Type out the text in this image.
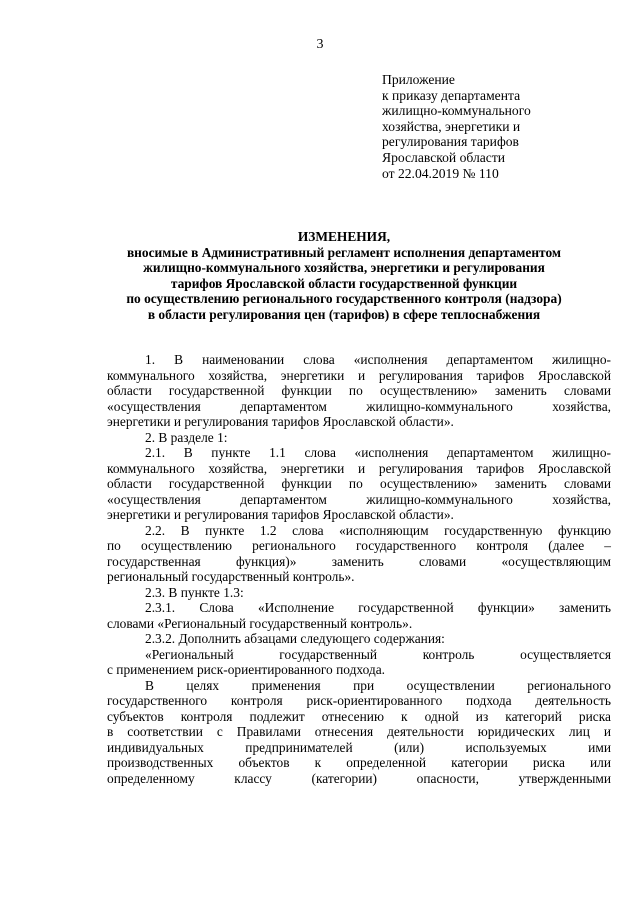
3
Приложение
к приказу департамента
жилищно-коммунального
хозяйства, энергетики и
регулирования тарифов
Ярославской области
от 22.04.2019 № 110
ИЗМЕНЕНИЯ,
вносимые в Административный регламент исполнения департаментом
жилищно-коммунального хозяйства, энергетики и регулирования
тарифов Ярославской области государственной функции
по осуществлению регионального государственного контроля (надзора)
в области регулирования цен (тарифов) в сфере теплоснабжения
1. В наименовании слова «исполнения департаментом жилищно-
коммунального хозяйства, энергетики и регулирования тарифов Ярославской
области государственной функции по осуществлению» заменить словами
«осуществления департаментом жилищно-коммунального хозяйства,
энергетики и регулирования тарифов Ярославской области».
2. В разделе 1:
2.1. В пункте 1.1 слова «исполнения департаментом жилищно-
коммунального хозяйства, энергетики и регулирования тарифов Ярославской
области государственной функции по осуществлению» заменить словами
«осуществления департаментом жилищно-коммунального хозяйства,
энергетики и регулирования тарифов Ярославской области».
2.2. В пункте 1.2 слова «исполняющим государственную функцию
по осуществлению регионального государственного контроля (далее –
государственная функция)» заменить словами «осуществляющим
региональный государственный контроль».
2.3. В пункте 1.3:
2.3.1. Слова «Исполнение государственной функции» заменить
словами «Региональный государственный контроль».
2.3.2. Дополнить абзацами следующего содержания:
«Региональный государственный контроль осуществляется
с применением риск-ориентированного подхода.
В целях применения при осуществлении регионального
государственного контроля риск-ориентированного подхода деятельность
субъектов контроля подлежит отнесению к одной из категорий риска
в соответствии с Правилами отнесения деятельности юридических лиц и
индивидуальных предпринимателей (или) используемых ими
производственных объектов к определенной категории риска или
определенному классу (категории) опасности, утвержденными
